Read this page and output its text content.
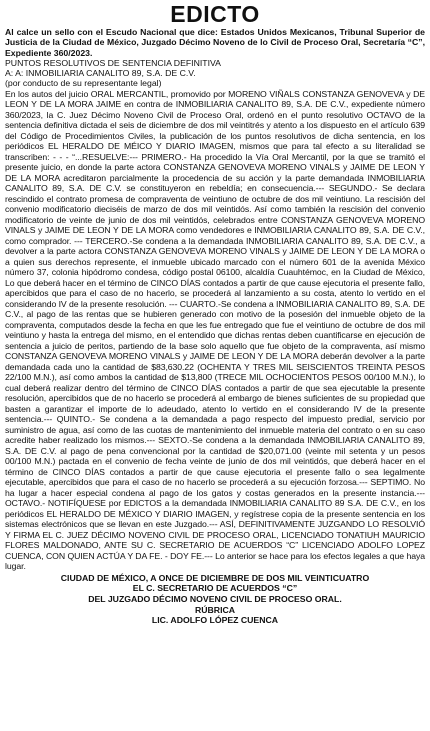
EDICTO

Al calce un sello con el Escudo Nacional que dice: Estados Unidos Mexicanos, Tribunal Superior de Justicia de la Ciudad de México, Juzgado Décimo Noveno de lo Civil de Proceso Oral, Secretaría “C”, Expediente 360/2023.

PUNTOS RESOLUTIVOS DE SENTENCIA DEFINITIVA

A: A: INMOBILIARIA CANALITO 89, S.A. DE C.V.

(por conducto de su representante legal)

En los autos del juicio ORAL MERCANTIL, promovido por MORENO VIÑALS CONSTANZA GENOVEVA y DE LEON Y DE LA MORA JAIME en contra de INMOBILIARIA CANALITO 89, S.A. DE C.V., expediente número 360/2023, la C. Juez Décimo Noveno Civil de Proceso Oral, ordenó en el punto resolutivo OCTAVO de la sentencia definitiva dictada el seis de diciembre de dos mil veintitrés y atento a los dispuesto en el artículo 639 del Código de Procedimientos Civiles, la publicación de los puntos resolutivos de dicha sentencia, en los periódicos EL HERALDO DE MÉICO Y DIARIO IMAGEN, mismos que para tal efecto a su literalidad se transcriben: - - - “...RESUELVE:--- PRIMERO.- Ha procedido la Vía Oral Mercantil, por la que se tramitó el presente juicio, en donde la parte actora CONSTANZA GENOVEVA MORENO VINALS y JAIME DE LEON Y DE LA MORA acreditaron parcialmente la procedencia de su acción y la parte demandada INMOBILIARIA CANALITO 89, S.A. DE C.V. se constituyeron en rebeldía; en consecuencia.--- SEGUNDO.- Se declara rescindido el contrato promesa de compraventa de veintiuno de octubre de dos mil veintiuno. La rescisión del convenio modificatorio dieciséis de marzo de dos mil veintidós. Así como también la rescisión del convenio modificatorio de veinte de junio de dos mil veintidós, celebrados entre CONSTANZA GENOVEVA MORENO VINALS y JAIME DE LEON Y DE LA MORA como vendedores e INMOBILIARIA CANALITO 89, S.A. DE C.V., como comprador. --- TERCERO.-Se condena a la demandada INMOBILIARIA CANALITO 89, S.A. DE C.V., a devolver a la parte actora CONSTANZA GENOVEVA MORENO VINALS y JAIME DE LEON Y DE LA MORA o a quien sus derechos represente, el inmueble ubicado marcado con el número 601 de la avenida México número 37, colonia hipódromo condesa, código postal 06100, alcaldía Cuauhtémoc, en la Ciudad de México, Lo que deberá hacer en el término de CINCO DÍAS contados a partir de que cause ejecutoria el presente fallo, apercibidos que para el caso de no hacerlo, se procederá al lanzamiento a su costa, atento lo vertido en el considerando IV de la presente resolución. --- CUARTO.-Se condena a INMOBILIARIA CANALITO 89, S.A. DE C.V., al pago de las rentas que se hubieren generado con motivo de la posesión del inmueble objeto de la compraventa, computados desde la fecha en que les fue entregado que fue el veintiuno de octubre de dos mil veintiuno y hasta la entrega del mismo, en el entendido que dichas rentas deben cuantificarse en ejecución de sentencia a juicio de peritos, partiendo de la base solo aquello que fue objeto de la compraventa, así mismo CONSTANZA GENOVEVA MORENO VINALS y JAIME DE LEON Y DE LA MORA deberán devolver a la parte demandada cada uno la cantidad de $83,630.22 (OCHENTA Y TRES MIL SEISCIENTOS TREINTA PESOS 22/100 M.N.), así como ambos la cantidad de $13,800 (TRECE MIL OCHOCIENTOS PESOS 00/100 M.N.), lo cual deberá realizar dentro del término de CINCO DÍAS contados a partir de que sea ejecutable la presente resolución, apercibidos que de no hacerlo se procederá al embargo de bienes suficientes de su propiedad que basten a garantizar el importe de lo adeudado, atento lo vertido en el considerando IV de la presente sentencia.--- QUINTO.- Se condena a la demandada a pago respecto del impuesto predial, servicio por suministro de agua, así como de las cuotas de mantenimiento del inmueble materia del contrato o en su caso acredite haber realizado los mismos.--- SEXTO.-Se condena a la demandada INMOBILIARIA CANALITO 89, S.A. DE C.V. al pago de pena convencional por la cantidad de $20,071.00 (veinte mil setenta y un pesos 00/100 M.N.) pactada en el convenio de fecha veinte de junio de dos mil veintidós, que deberá hacer en el término de CINCO DÍAS contados a partir de que cause ejecutoria el presente fallo o sea legalmente ejecutable, apercibidos que para el caso de no hacerlo se procederá a su ejecución forzosa.--- SEPTIMO. No ha lugar a hacer especial condena al pago de los gatos y costas generados en la presente instancia.--- OCTAVO.- NOTIFÍQUESE por EDICTOS a la demandada INMOBILIARIA CANALITO 89 S.A. DE C.V., en los periódicos EL HERALDO DE MÉXICO Y DIARIO IMAGEN, y regístrese copia de la presente sentencia en los sistemas electrónicos que se llevan en este Juzgado.--- ASÍ, DEFINITIVAMENTE JUZGANDO LO RESOLVIÓ Y FIRMA EL C. JUEZ DÉCIMO NOVENO CIVIL DE PROCESO ORAL, LICENCIADO TONATIUH MAURICIO FLORES MALDONADO, ANTE SU C. SECRETARIO DE ACUERDOS “C” LICENCIADO ADOLFO LOPEZ CUENCA, CON QUIEN ACTÚA Y DA FE. - DOY FE.--- Lo anterior se hace para los efectos legales a que haya lugar.

CIUDAD DE MÉXICO, A ONCE DE DICIEMBRE DE DOS MIL VEINTICUATRO

EL C. SECRETARIO DE ACUERDOS “C”

DEL JUZGADO DÉCIMO NOVENO CIVIL DE PROCESO ORAL.

RÚBRICA

LIC. ADOLFO LÓPEZ CUENCA
